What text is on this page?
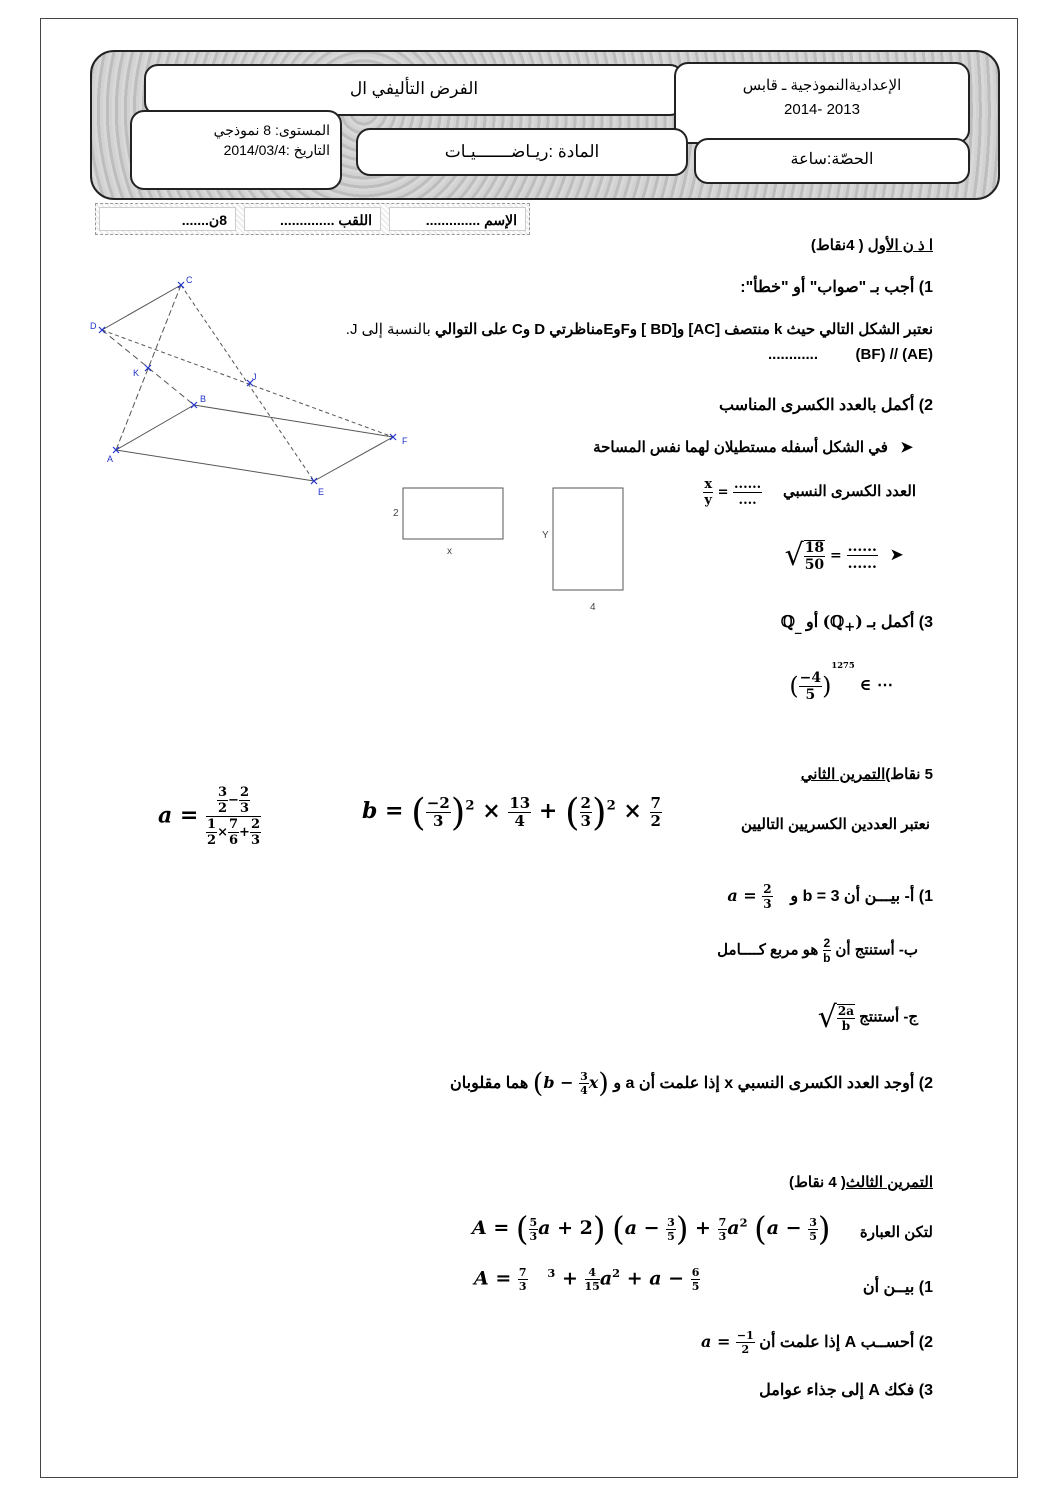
الفرض التأليفي ال	الإعداديةالنموذجية ـ قابس
2013 -2014
المستوى: 8 نموذجي
التاريخ :2014/03/4	المادة :ريـاضـــــــيـات	الحصّة:ساعة
الإسم ..............
اللقب ..............
8ن.......
ا ذ ن الأول ( 4نقاط)
1) أجب بـ "صواب" أو "خطأ":
نعتبر الشكل التالي حيث k منتصف [AC] و[BD ] وFوEمناظرتي D وC على التوالي بالنسبة إلى J.
............	(BF) // (AE)
2) أكمل بالعدد الكسرى المناسب
➤   في الشكل أسفله مستطيلان لهما نفس المساحة
العدد الكسرى النسبي
$\frac{x}{y}$ =
......
....
√ $\frac{18}{50}$ =
......
......
➤
3) أكمل بـ (ℚ$_+$) أو ℚ$_{\_}$
( $\frac{-4}{5} )^{1275}$ ∈ ⋯
C
D
K	J
B
A
F
E
2
x
Y
4
5 نقاط)التمرين الثاني
نعتبر العددين الكسريين التاليين
b = ( $\frac{-2}{3} )^2 \times \frac{13}{4}$ + ( $\frac{2}{3} )^2 \times \frac{7}{2}$
$a = \frac{\frac{3}{2} - \frac{2}{3}}{\frac{1}{2} \times \frac{7}{6} + \frac{2}{3}}$
1) أ- بيـــن أن 3 = b و    $a = \frac{2}{3}$
ب- أستنتج أن
$\frac{2}{b}$
هو مربع كــــامل
ج- أستنتج √ $\frac{2a}{b}$
2) أوجد العدد الكسرى النسبي x إذا علمت أن a و $(b - \frac{3}{4} x)$ هما مقلوبان
التمرين الثالث( 4 نقاط)
لتكن العبارة
A = ( $\frac{5}{3}$ a + 2) ($a - \frac{3}{5}$ ) + $\frac{7}{3} a^2$ ($a - \frac{3}{5}$ )
1) بيــن أن
$A = \frac{7}{3} ^3 + \frac{4}{15} a^2 + a - \frac{6}{5}$
2) أحســب A إذا علمت أن $a = \frac{-1}{2}$
3) فكك A إلى جذاء عوامل
